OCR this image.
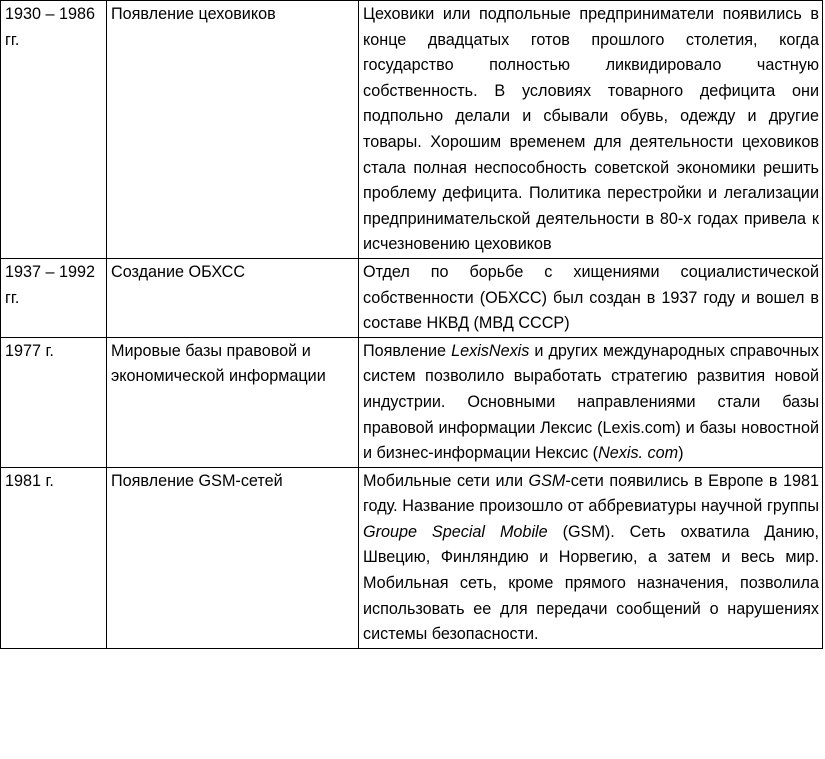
1930 – 1986 гг.	Появление цеховиков	Цеховики или подпольные предприниматели появились в конце двадцатых готов прошлого столетия, когда государство полностью ликвидировало частную собственность. В условиях товарного дефицита они подпольно делали и сбывали обувь, одежду и другие товары. Хорошим временем для деятельности цеховиков стала полная неспособность советской экономики решить проблему дефицита. Политика перестройки и легализации предпринимательской деятельности в 80-х годах привела к исчезновению цеховиков
1937 – 1992 гг.	Создание ОБХСС	Отдел по борьбе с хищениями социалистической собственности (ОБХСС) был создан в 1937 году и вошел в составе НКВД (МВД СССР)
1977 г.	Мировые базы правовой и экономической информации	Появление LexisNexis и других международных справочных систем позволило выработать стратегию развития новой индустрии. Основными направлениями стали базы правовой информации Лексис (Lexis.com) и базы новостной и бизнес-информации Нексис (Nexis. com)
1981 г.	Появление GSM-сетей	Мобильные сети или GSM-сети появились в Европе в 1981 году. Название произошло от аббревиатуры научной группы Groupe Special Mobile (GSM). Сеть охватила Данию, Швецию, Финляндию и Норвегию, а затем и весь мир. Мобильная сеть, кроме прямого назначения, позволила использовать ее для передачи сообщений о нарушениях системы безопасности.
